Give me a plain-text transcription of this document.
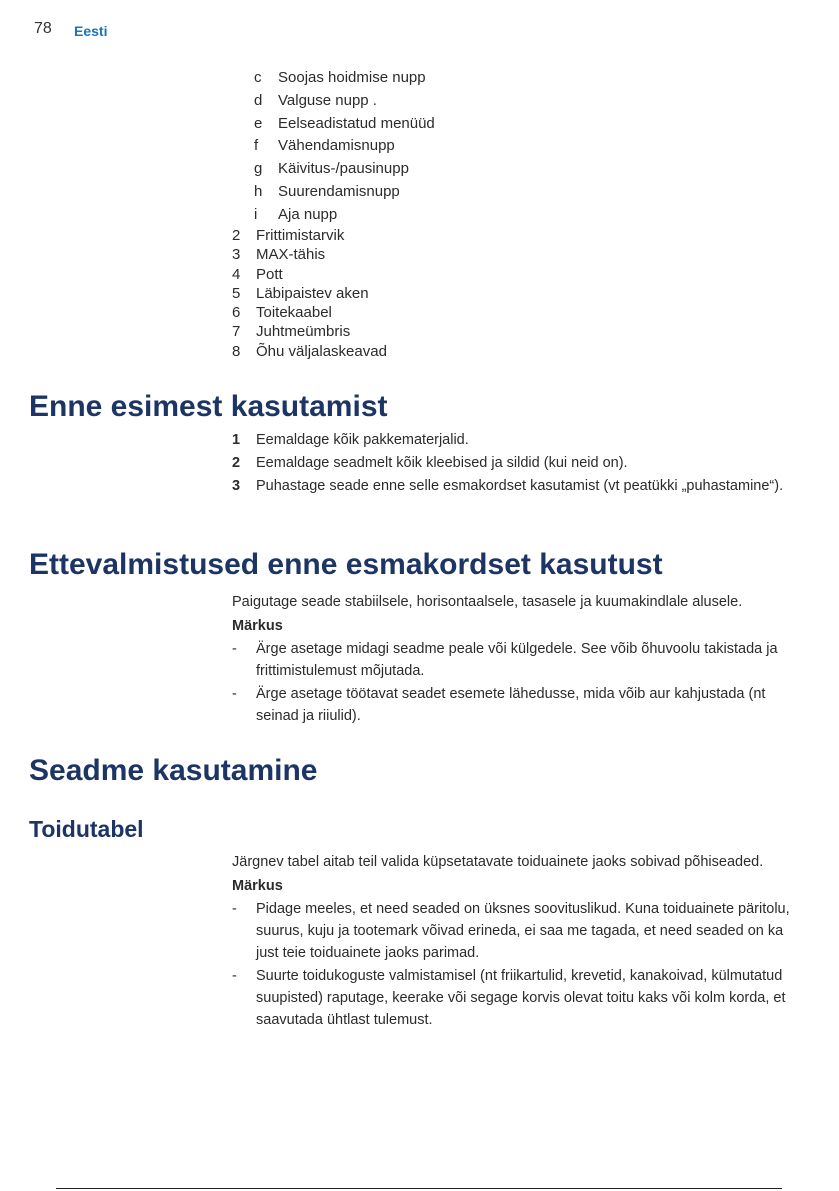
78 Eesti
c	Soojas hoidmise nupp
d	Valguse nupp .
e	Eelseadistatud menüüd
f	Vähendamisnupp
g	Käivitus-/pausinupp
h	Suurendamisnupp
i	Aja nupp
2	Frittimistarvik
3	MAX-tähis
4	Pott
5	Läbipaistev aken
6	Toitekaabel
7	Juhtmeümbris
8	Õhu väljalaskeavad
Enne esimest kasutamist
1	Eemaldage kõik pakkematerjalid.
2	Eemaldage seadmelt kõik kleebised ja sildid (kui neid on).
3	Puhastage seade enne selle esmakordset kasutamist (vt peatükki „puhastamine“).
Ettevalmistused enne esmakordset kasutust

Paigutage seade stabiilsele, horisontaalsele, tasasele ja kuumakindlale alusele.

Märkus

-	Ärge asetage midagi seadme peale või külgedele. See võib õhuvoolu takistada ja frittimistulemust mõjutada.
-	Ärge asetage töötavat seadet esemete lähedusse, mida võib aur kahjustada (nt seinad ja riiulid).
Seadme kasutamine
Toidutabel

Järgnev tabel aitab teil valida küpsetatavate toiduainete jaoks sobivad põhiseaded.

Märkus

-	Pidage meeles, et need seaded on üksnes soovituslikud. Kuna toiduainete päritolu, suurus, kuju ja tootemark võivad erineda, ei saa me tagada, et need seaded on ka just teie toiduainete jaoks parimad.
-	Suurte toidukoguste valmistamisel (nt friikartulid, krevetid, kanakoivad, külmutatud suupisted) raputage, keerake või segage korvis olevat toitu kaks või kolm korda, et saavutada ühtlast tulemust.
